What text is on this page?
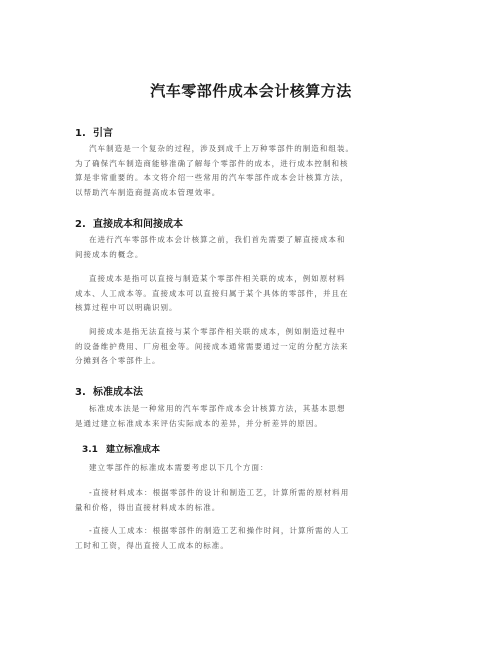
汽车零部件成本会计核算方法
1. 引言
汽车制造是一个复杂的过程，涉及到成千上万种零部件的制造和组装。
为了确保汽车制造商能够准确了解每个零部件的成本，进行成本控制和核
算是非常重要的。本文将介绍一些常用的汽车零部件成本会计核算方法，
以帮助汽车制造商提高成本管理效率。
2. 直接成本和间接成本
在进行汽车零部件成本会计核算之前，我们首先需要了解直接成本和
间接成本的概念。
直接成本是指可以直接与制造某个零部件相关联的成本，例如原材料
成本、人工成本等。直接成本可以直接归属于某个具体的零部件，并且在
核算过程中可以明确识别。
间接成本是指无法直接与某个零部件相关联的成本，例如制造过程中
的设备维护费用、厂房租金等。间接成本通常需要通过一定的分配方法来
分摊到各个零部件上。
3. 标准成本法
标准成本法是一种常用的汽车零部件成本会计核算方法，其基本思想
是通过建立标准成本来评估实际成本的差异，并分析差异的原因。
3.1 建立标准成本
建立零部件的标准成本需要考虑以下几个方面：
-直接材料成本：根据零部件的设计和制造工艺，计算所需的原材料用
量和价格，得出直接材料成本的标准。
-直接人工成本：根据零部件的制造工艺和操作时间，计算所需的人工
工时和工资，得出直接人工成本的标准。
